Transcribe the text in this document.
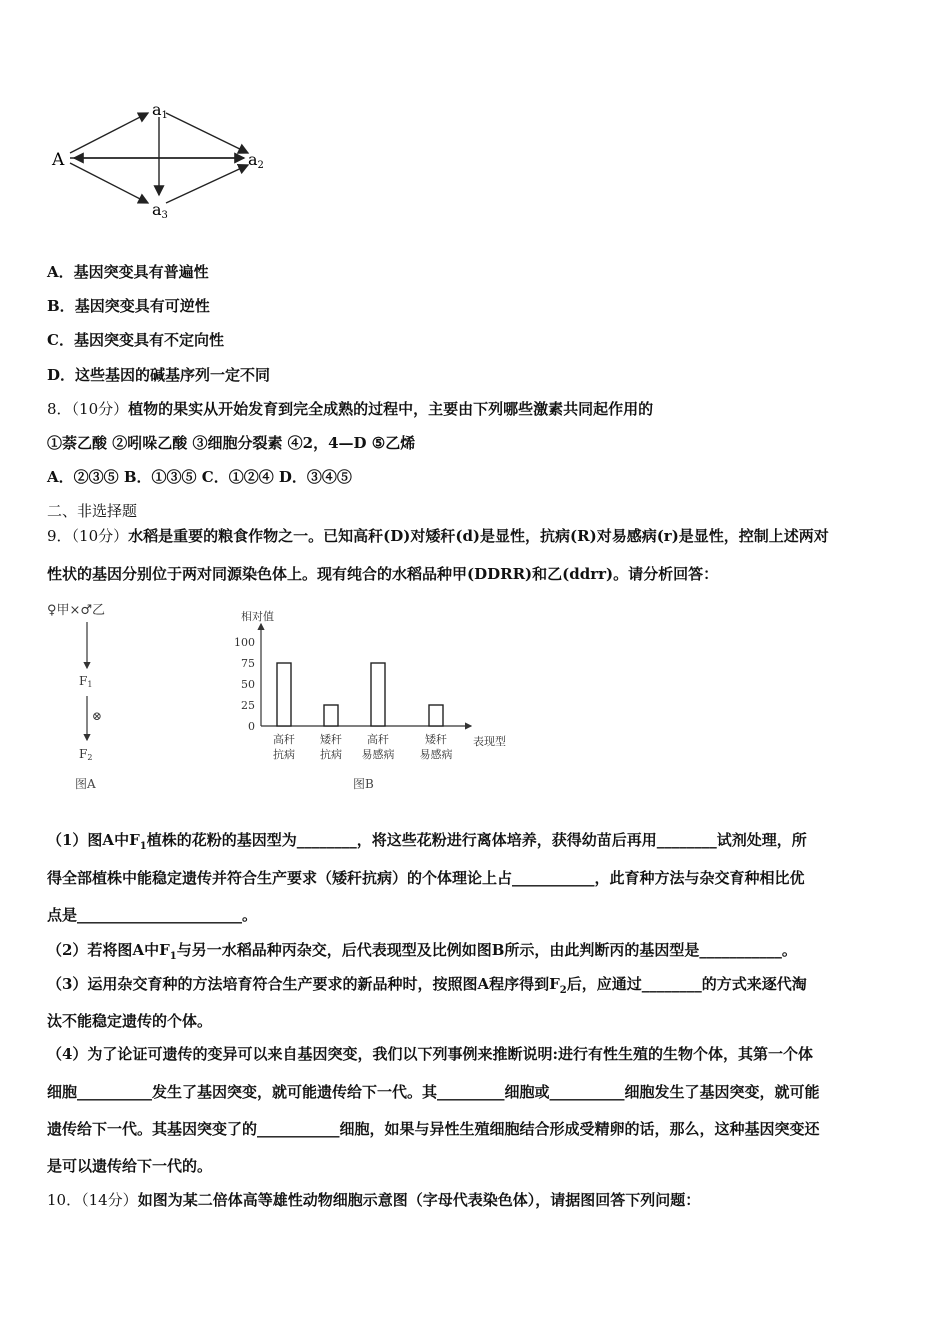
A
a1
a2
a3
A．基因突变具有普遍性
B．基因突变具有可逆性
C．基因突变具有不定向性
D．这些基因的碱基序列一定不同
8．（10分）植物的果实从开始发育到完全成熟的过程中，主要由下列哪些激素共同起作用的
①萘乙酸 ②吲哚乙酸 ③细胞分裂素 ④2，4—D ⑤乙烯
A．②③⑤ B．①③⑤ C．①②④ D．③④⑤
二、非选择题
9．（10分）水稻是重要的粮食作物之一。已知高秆(D)对矮秆(d)是显性，抗病(R)对易感病(r)是显性，控制上述两对
性状的基因分别位于两对同源染色体上。现有纯合的水稻品种甲(DDRR)和乙(ddrr)。请分析回答：
♀甲×♂乙
F1
⊗
F2
图A
相对值
表现型
100
75
50
25
0
高秆
抗病
矮秆
抗病
高秆
易感病
矮秆
易感病
图B
（1）图A中$F_1$植株的花粉的基因型为________，将这些花粉进行离体培养，获得幼苗后再用________试剂处理，所
得全部植株中能稳定遗传并符合生产要求（矮秆抗病）的个体理论上占___________，此育种方法与杂交育种相比优
点是______________________。
（2）若将图A中$F_1$与另一水稻品种丙杂交，后代表现型及比例如图B所示，由此判断丙的基因型是___________。
（3）运用杂交育种的方法培育符合生产要求的新品种时，按照图A程序得到$F_2$后，应通过________的方式来逐代淘
汰不能稳定遗传的个体。
（4）为了论证可遗传的变异可以来自基因突变，我们以下列事例来推断说明:进行有性生殖的生物个体，其第一个体
细胞__________发生了基因突变，就可能遗传给下一代。其_________细胞或__________细胞发生了基因突变，就可能
遗传给下一代。其基因突变了的___________细胞，如果与异性生殖细胞结合形成受精卵的话，那么，这种基因突变还
是可以遗传给下一代的。
10．（14分）如图为某二倍体高等雄性动物细胞示意图（字母代表染色体），请据图回答下列问题：
